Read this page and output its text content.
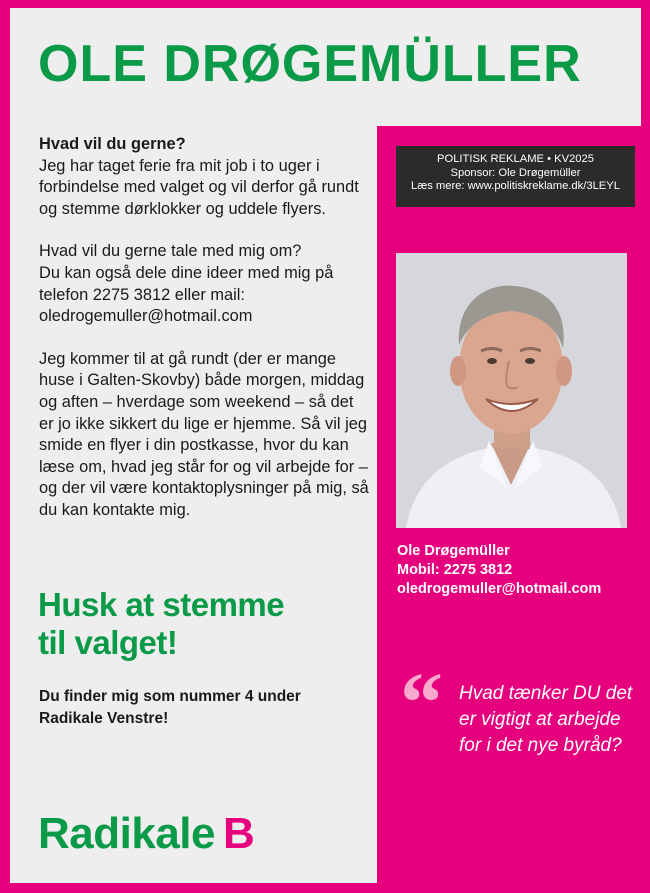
OLE DRØGEMÜLLER

Hvad vil du gerne?
Jeg har taget ferie fra mit job i to uger i forbindelse med valget og vil derfor gå rundt og stemme dørklokker og uddele flyers.

Hvad vil du gerne tale med mig om?
Du kan også dele dine ideer med mig på telefon 2275 3812 eller mail: oledrogemuller@hotmail.com

Jeg kommer til at gå rundt (der er mange huse i Galten-Skovby) både morgen, middag og aften – hverdage som weekend – så det er jo ikke sikkert du lige er hjemme. Så vil jeg smide en flyer i din postkasse, hvor du kan læse om, hvad jeg står for og vil arbejde for – og der vil være kontaktoplysninger på mig, så du kan kontakte mig.

Husk at stemme
til valget!
Du finder mig som nummer 4 under
Radikale Venstre!
Radikale B
POLITISK REKLAME • KV2025
Sponsor: Ole Drøgemüller
Læs mere: www.politiskreklame.dk/3LEYL
Ole Drøgemüller
Mobil: 2275 3812
oledrogemuller@hotmail.com
“ Hvad tænker DU det er vigtigt at arbejde for i det nye byråd?
